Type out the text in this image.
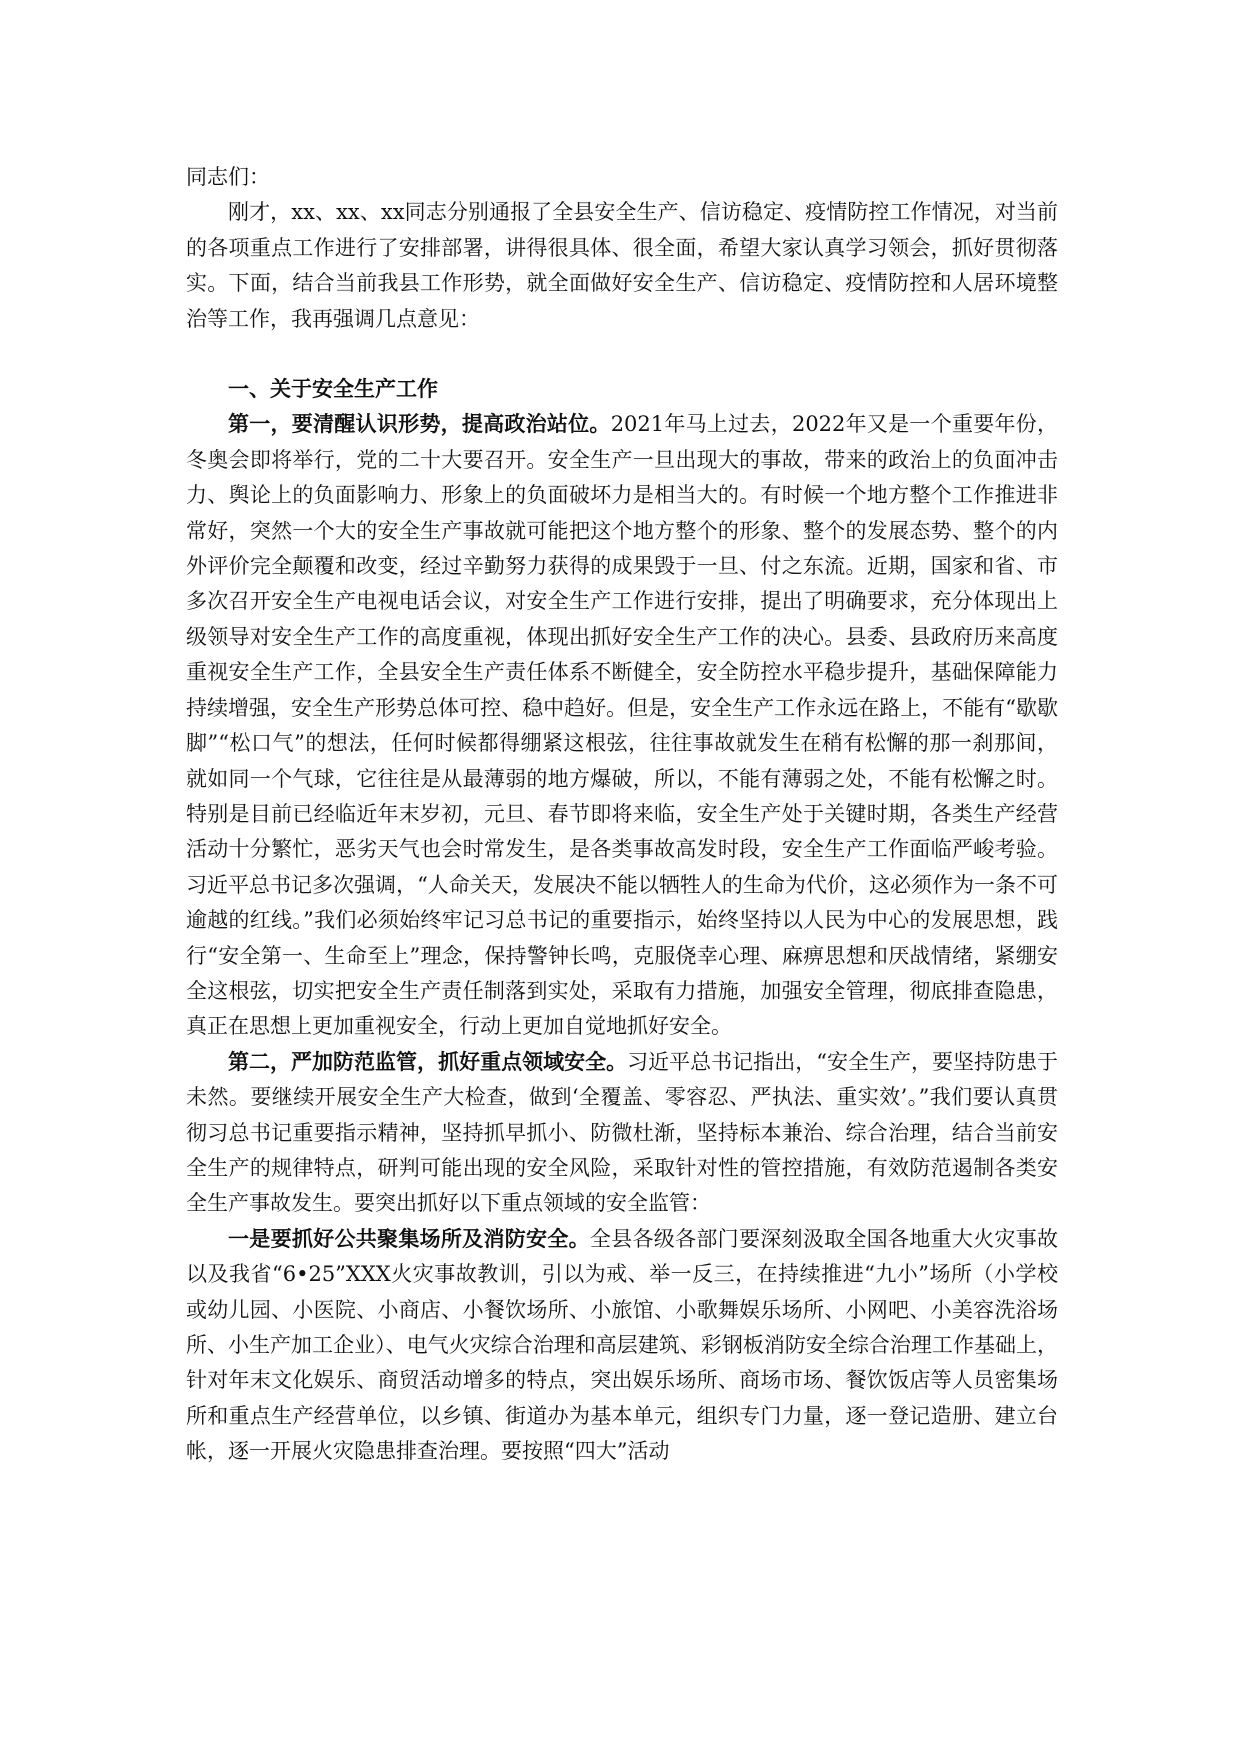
同志们：

刚才，xx、xx、xx同志分别通报了全县安全生产、信访稳定、疫情防控工作情况，对当前的各项重点工作进行了安排部署，讲得很具体、很全面，希望大家认真学习领会，抓好贯彻落实。下面，结合当前我县工作形势，就全面做好安全生产、信访稳定、疫情防控和人居环境整治等工作，我再强调几点意见：

一、关于安全生产工作

第一，要清醒认识形势，提高政治站位。2021年马上过去，2022年又是一个重要年份，冬奥会即将举行，党的二十大要召开。安全生产一旦出现大的事故，带来的政治上的负面冲击力、舆论上的负面影响力、形象上的负面破坏力是相当大的。有时候一个地方整个工作推进非常好，突然一个大的安全生产事故就可能把这个地方整个的形象、整个的发展态势、整个的内外评价完全颠覆和改变，经过辛勤努力获得的成果毁于一旦、付之东流。近期，国家和省、市多次召开安全生产电视电话会议，对安全生产工作进行安排，提出了明确要求，充分体现出上级领导对安全生产工作的高度重视，体现出抓好安全生产工作的决心。县委、县政府历来高度重视安全生产工作，全县安全生产责任体系不断健全，安全防控水平稳步提升，基础保障能力持续增强，安全生产形势总体可控、稳中趋好。但是，安全生产工作永远在路上，不能有“歇歇脚”“松口气”的想法，任何时候都得绷紧这根弦，往往事故就发生在稍有松懈的那一刹那间，就如同一个气球，它往往是从最薄弱的地方爆破，所以，不能有薄弱之处，不能有松懈之时。特别是目前已经临近年末岁初，元旦、春节即将来临，安全生产处于关键时期，各类生产经营活动十分繁忙，恶劣天气也会时常发生，是各类事故高发时段，安全生产工作面临严峻考验。习近平总书记多次强调，“人命关天，发展决不能以牺牲人的生命为代价，这必须作为一条不可逾越的红线。”我们必须始终牢记习总书记的重要指示，始终坚持以人民为中心的发展思想，践行“安全第一、生命至上”理念，保持警钟长鸣，克服侥幸心理、麻痹思想和厌战情绪，紧绷安全这根弦，切实把安全生产责任制落到实处，采取有力措施，加强安全管理，彻底排查隐患，真正在思想上更加重视安全，行动上更加自觉地抓好安全。

第二，严加防范监管，抓好重点领域安全。习近平总书记指出，“安全生产，要坚持防患于未然。要继续开展安全生产大检查，做到‘全覆盖、零容忍、严执法、重实效’。”我们要认真贯彻习总书记重要指示精神，坚持抓早抓小、防微杜渐，坚持标本兼治、综合治理，结合当前安全生产的规律特点，研判可能出现的安全风险，采取针对性的管控措施，有效防范遏制各类安全生产事故发生。要突出抓好以下重点领域的安全监管：

一是要抓好公共聚集场所及消防安全。全县各级各部门要深刻汲取全国各地重大火灾事故以及我省“6•25”XXX火灾事故教训，引以为戒、举一反三，在持续推进“九小”场所（小学校或幼儿园、小医院、小商店、小餐饮场所、小旅馆、小歌舞娱乐场所、小网吧、小美容洗浴场所、小生产加工企业）、电气火灾综合治理和高层建筑、彩钢板消防安全综合治理工作基础上，针对年末文化娱乐、商贸活动增多的特点，突出娱乐场所、商场市场、餐饮饭店等人员密集场所和重点生产经营单位，以乡镇、街道办为基本单元，组织专门力量，逐一登记造册、建立台帐，逐一开展火灾隐患排查治理。要按照“四大”活动
